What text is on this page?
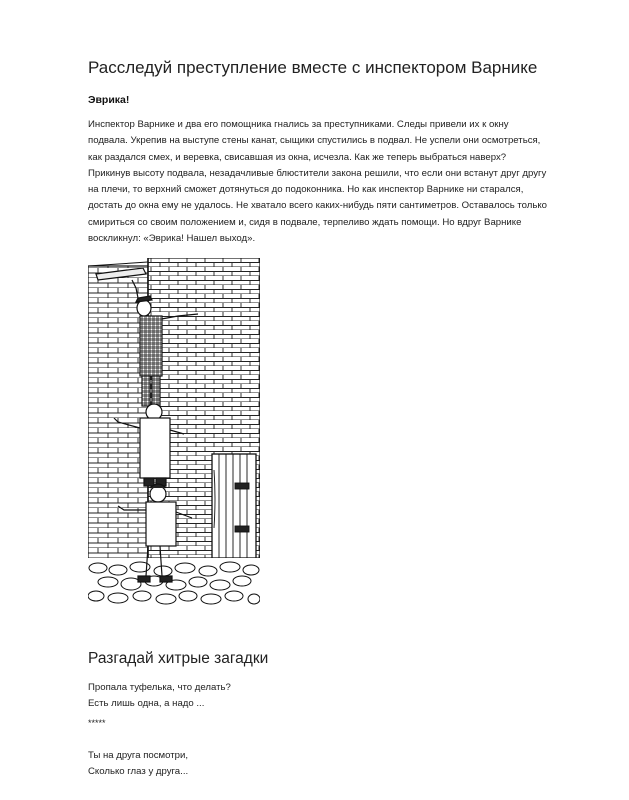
Расследуй преступление вместе с инспектором Варнике
Эврика!

Инспектор Варнике и два его помощника гнались за преступниками. Следы привели их к окну подвала. Укрепив на выступе стены канат, сыщики спустились в подвал. Не успели они осмотреться, как раздался смех, и веревка, свисавшая из окна, исчезла. Как же теперь выбраться наверх? Прикинув высоту подвала, незадачливые блюстители закона решили, что если они встанут друг другу на плечи, то верхний сможет дотянуться до подоконника. Но как инспектор Варнике ни старался, достать до окна ему не удалось. Не хватало всего каких-нибудь пяти сантиметров. Оставалось только смириться со своим положением и, сидя в подвале, терпеливо ждать помощи. Но вдруг Варнике воскликнул: «Эврика! Нашел выход».

Разгадай хитрые загадки
Пропала туфелька, что делать?
Есть лишь одна, а надо ...
*****
Ты на друга посмотри,
Сколько глаз у друга...
